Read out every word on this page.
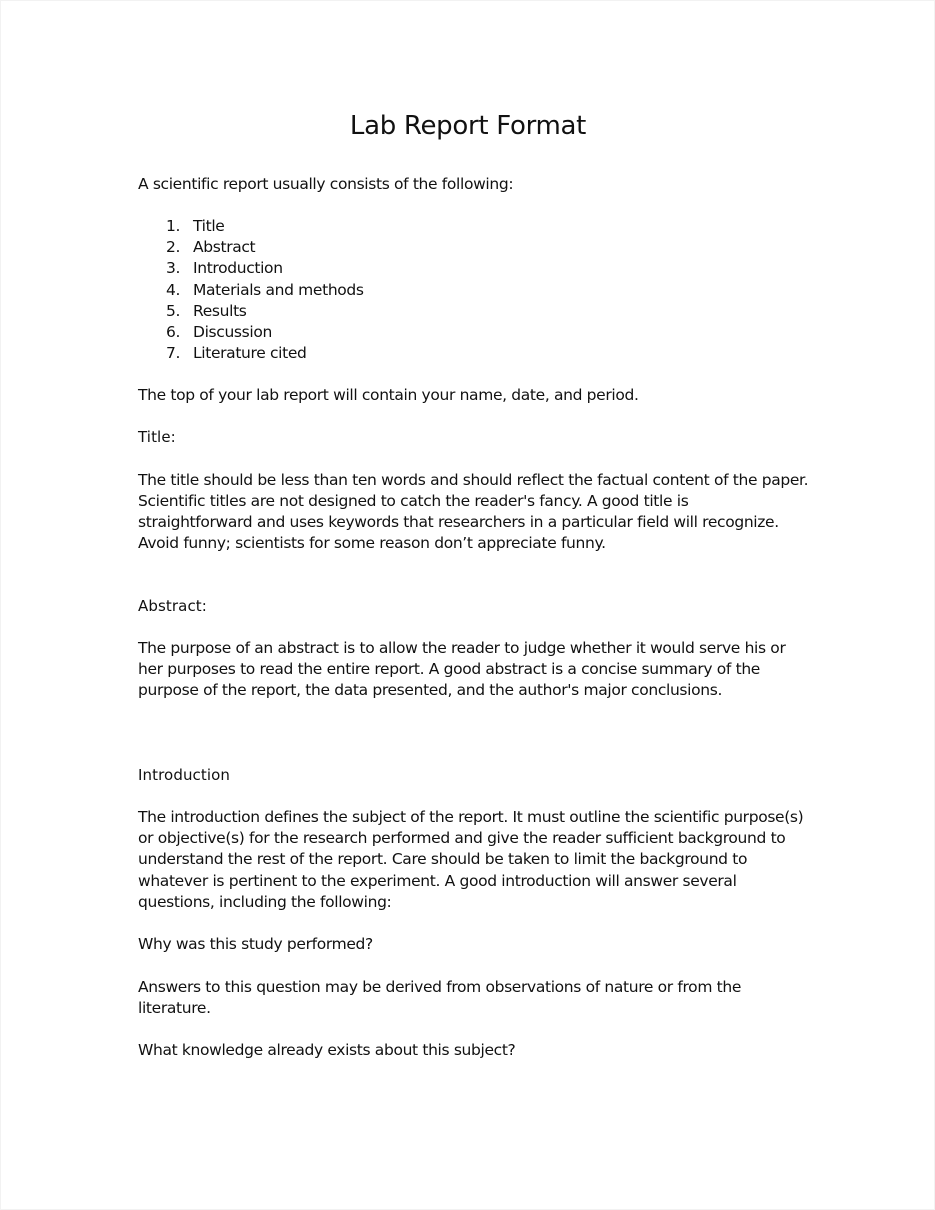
Lab Report Format

A scientific report usually consists of the following:

1. Title
2. Abstract
3. Introduction
4. Materials and methods
5. Results
6. Discussion
7. Literature cited

The top of your lab report will contain your name, date, and period.

Title:

The title should be less than ten words and should reflect the factual content of the paper.

Scientific titles are not designed to catch the reader's fancy. A good title is

straightforward and uses keywords that researchers in a particular field will recognize.

Avoid funny; scientists for some reason don’t appreciate funny.

Abstract:

The purpose of an abstract is to allow the reader to judge whether it would serve his or

her purposes to read the entire report. A good abstract is a concise summary of the

purpose of the report, the data presented, and the author's major conclusions.

Introduction

The introduction defines the subject of the report. It must outline the scientific purpose(s)

or objective(s) for the research performed and give the reader sufficient background to

understand the rest of the report. Care should be taken to limit the background to

whatever is pertinent to the experiment. A good introduction will answer several

questions, including the following:

Why was this study performed?

Answers to this question may be derived from observations of nature or from the

literature.

What knowledge already exists about this subject?
